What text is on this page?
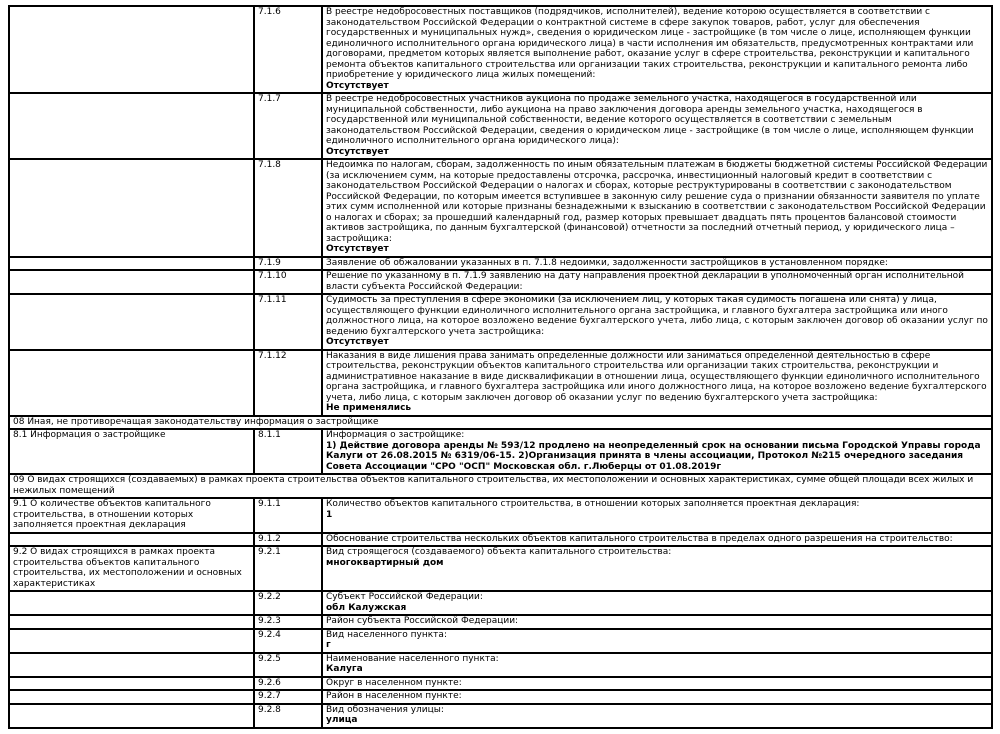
	7.1.6	В реестре недобросовестных поставщиков (подрядчиков, исполнителей), ведение которою осуществляется в соответствии с законодательством Российской Федерации о контрактной системе в сфере закупок товаров, работ, услуг для обеспечения государственных и муниципальных нужд», сведения о юридическом лице - застройщике (в том числе о лице, исполняющем функции единоличного исполнительного органа юридического лица) в части исполнения им обязательств, предусмотренных контрактами или договорами, предметом которых является выполнение работ, оказание услуг в сфере строительства, реконструкции и капитального ремонта объектов капитального строительства или организации таких строительства, реконструкции и капитального ремонта либо приобретение у юридического лица жилых помещений:
Отсутствует

	7.1.7	В реестре недобросовестных участников аукциона по продаже земельного участка, находящегося в государственной или муниципальной собственности, либо аукциона на право заключения договора аренды земельного участка, находящегося в государственной или муниципальной собственности, ведение которого осуществляется в соответствии с земельным законодательством Российской Федерации, сведения о юридическом лице - застройщике (в том числе о лице, исполняющем функции единоличного исполнительного органа юридического лица):
Отсутствует

	7.1.8	Недоимка по налогам, сборам, задолженность по иным обязательным платежам в бюджеты бюджетной системы Российской Федерации (за исключением сумм, на которые предоставлены отсрочка, рассрочка, инвестиционный налоговый кредит в соответствии с законодательством Российской Федерации о налогах и сборах, которые реструктурированы в соответствии с законодательством Российской Федерации, по которым имеется вступившее в законную силу решение суда о признании обязанности заявителя по уплате этих сумм исполненной или которые признаны безнадежными к взысканию в соответствии с законодательством Российской Федерации о налогах и сборах; за прошедший календарный год, размер которых превышает двадцать пять процентов балансовой стоимости активов застройщика, по данным бухгалтерской (финансовой) отчетности за последний отчетный период, у юридического лица – застройщика:
Отсутствует

	7.1.9	Заявление об обжаловании указанных в п. 7.1.8 недоимки, задолженности застройщиков в установленном порядке:

	7.1.10	Решение по указанному в п. 7.1.9 заявлению на дату направления проектной декларации в уполномоченный орган исполнительной власти субъекта Российской Федерации:

	7.1.11	Судимость за преступления в сфере экономики (за исключением лиц, у которых такая судимость погашена или снята) у лица, осуществляющего функции единоличного исполнительного органа застройщика, и главного бухгалтера застройщика или иного должностного лица, на которое возложено ведение бухгалтерского учета, либо лица, с которым заключен договор об оказании услуг по ведению бухгалтерского учета застройщика:
Отсутствует

	7.1.12	Наказания в виде лишения права занимать определенные должности или заниматься определенной деятельностью в сфере строительства, реконструкции объектов капитального строительства или организации таких строительства, реконструкции и административное наказание в виде дисквалификации в отношении лица, осуществляющего функции единоличного исполнительного органа застройщика, и главного бухгалтера застройщика или иного должностного лица, на которое возложено ведение бухгалтерского учета, либо лица, с которым заключен договор об оказании услуг по ведению бухгалтерского учета застройщика:
Не применялись

08 Иная, не противоречащая законодательству информация о застройщике		
8.1 Информация о застройщике	8.1.1	Информация о застройщике:
1) Действие договора аренды № 593/12 продлено на неопределенный срок на основании письма Городской Управы города Калуги от 26.08.2015 № 6319/06-15. 2)Организация принята в члены ассоциации, Протокол №215 очередного заседания Совета Ассоциации "СРО "ОСП" Московская обл. г.Люберцы от 01.08.2019г

09 О видах строящихся (создаваемых) в рамках проекта строительства объектов капитального строительства, их местоположении и основных характеристиках, сумме общей площади всех жилых и нежилых помещений		
9.1 О количестве объектов капитального строительства, в отношении которых заполняется проектная декларация	9.1.1	Количество объектов капитального строительства, в отношении которых заполняется проектная декларация:
1

	9.1.2	Обоснование строительства нескольких объектов капитального строительства в пределах одного разрешения на строительство:

9.2 О видах строящихся в рамках проекта строительства объектов капитального строительства, их местоположении и основных характеристиках	9.2.1	Вид строящегося (создаваемого) объекта капитального строительства:
многоквартирный дом

	9.2.2	Субъект Российской Федерации:
обл Калужская

	9.2.3	Район субъекта Российской Федерации:

	9.2.4	Вид населенного пункта:
г

	9.2.5	Наименование населенного пункта:
Калуга

	9.2.6	Округ в населенном пункте:

	9.2.7	Район в населенном пункте:

	9.2.8	Вид обозначения улицы:
улица
